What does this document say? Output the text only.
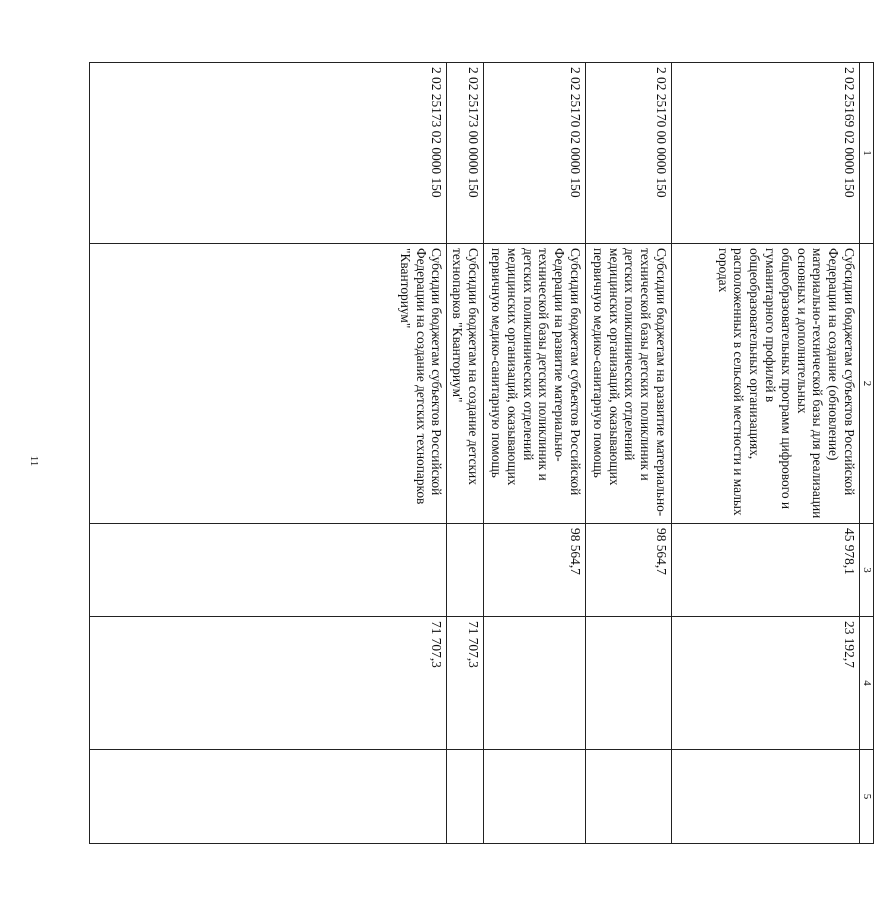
11
1	2	3	4	5
2 02 25169 02 0000 150	Субсидии бюджетам субъектов Российской Федерации на создание (обновление) материально-технической базы для реализации основных и дополнительных общеобразовательных программ цифрового и гуманитарного профилей в общеобразовательных организациях, расположенных в сельской местности и малых городах	45 978,1	23 192,7	
2 02 25170 00 0000 150	Субсидии бюджетам на развитие материально-технической базы детских поликлиник и детских поликлинических отделений медицинских организаций, оказывающих первичную медико-санитарную помощь	98 564,7		
2 02 25170 02 0000 150	Субсидии бюджетам субъектов Российской Федерации на развитие материально-технической базы детских поликлиник и детских поликлинических отделений медицинских организаций, оказывающих первичную медико-санитарную помощь	98 564,7		
2 02 25173 00 0000 150	Субсидии бюджетам на создание детских технопарков "Кванториум"		71 707,3	
2 02 25173 02 0000 150	Субсидии бюджетам субъектов Российской Федерации на создание детских технопарков "Кванториум"		71 707,3	
